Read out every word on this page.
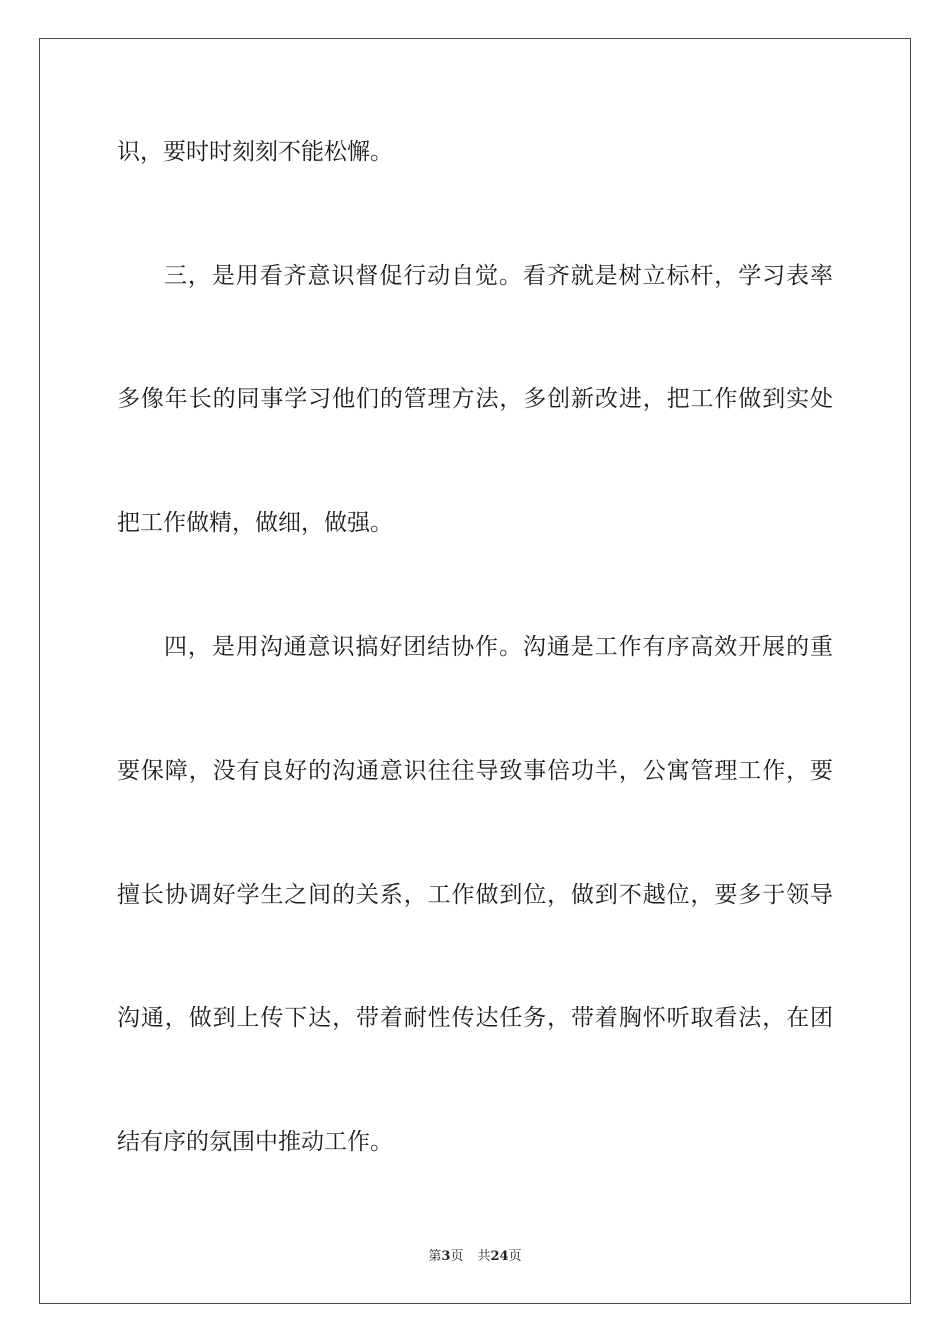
识，要时时刻刻不能松懈。
三，是用看齐意识督促行动自觉。看齐就是树立标杆，学习表率
多像年长的同事学习他们的管理方法，多创新改进，把工作做到实处
把工作做精，做细，做强。
四，是用沟通意识搞好团结协作。沟通是工作有序高效开展的重
要保障，没有良好的沟通意识往往导致事倍功半，公寓管理工作，要
擅长协调好学生之间的关系，工作做到位，做到不越位，要多于领导
沟通，做到上传下达，带着耐性传达任务，带着胸怀听取看法，在团
结有序的氛围中推动工作。
第3页 共24页
